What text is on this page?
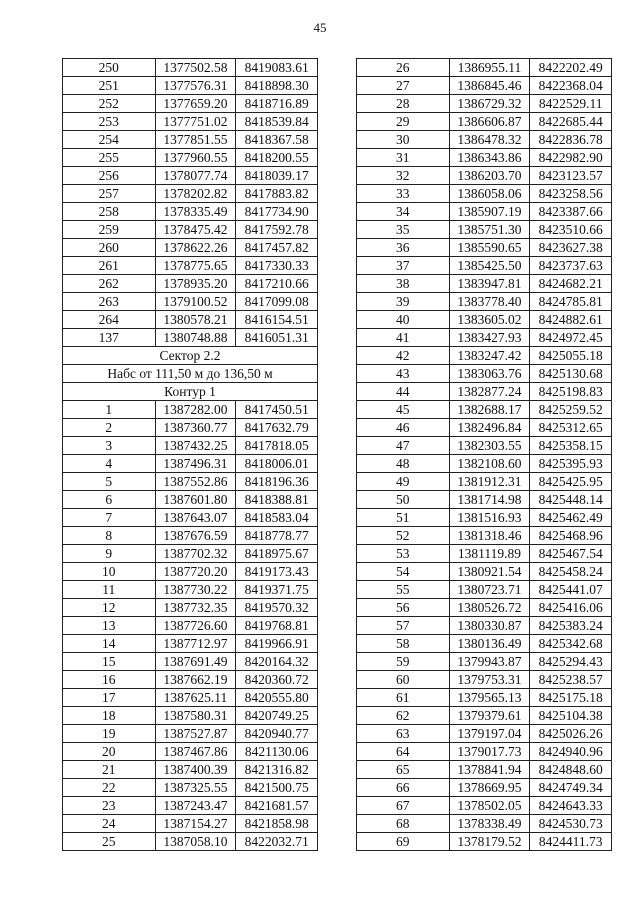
45
250	1377502.58	8419083.61
251	1377576.31	8418898.30
252	1377659.20	8418716.89
253	1377751.02	8418539.84
254	1377851.55	8418367.58
255	1377960.55	8418200.55
256	1378077.74	8418039.17
257	1378202.82	8417883.82
258	1378335.49	8417734.90
259	1378475.42	8417592.78
260	1378622.26	8417457.82
261	1378775.65	8417330.33
262	1378935.20	8417210.66
263	1379100.52	8417099.08
264	1380578.21	8416154.51
137	1380748.88	8416051.31
Сектор 2.2		
Набс от 111,50 м до 136,50 м		
Контур 1		
1	1387282.00	8417450.51
2	1387360.77	8417632.79
3	1387432.25	8417818.05
4	1387496.31	8418006.01
5	1387552.86	8418196.36
6	1387601.80	8418388.81
7	1387643.07	8418583.04
8	1387676.59	8418778.77
9	1387702.32	8418975.67
10	1387720.20	8419173.43
11	1387730.22	8419371.75
12	1387732.35	8419570.32
13	1387726.60	8419768.81
14	1387712.97	8419966.91
15	1387691.49	8420164.32
16	1387662.19	8420360.72
17	1387625.11	8420555.80
18	1387580.31	8420749.25
19	1387527.87	8420940.77
20	1387467.86	8421130.06
21	1387400.39	8421316.82
22	1387325.55	8421500.75
23	1387243.47	8421681.57
24	1387154.27	8421858.98
25	1387058.10	8422032.71
26	1386955.11	8422202.49
27	1386845.46	8422368.04
28	1386729.32	8422529.11
29	1386606.87	8422685.44
30	1386478.32	8422836.78
31	1386343.86	8422982.90
32	1386203.70	8423123.57
33	1386058.06	8423258.56
34	1385907.19	8423387.66
35	1385751.30	8423510.66
36	1385590.65	8423627.38
37	1385425.50	8423737.63
38	1383947.81	8424682.21
39	1383778.40	8424785.81
40	1383605.02	8424882.61
41	1383427.93	8424972.45
42	1383247.42	8425055.18
43	1383063.76	8425130.68
44	1382877.24	8425198.83
45	1382688.17	8425259.52
46	1382496.84	8425312.65
47	1382303.55	8425358.15
48	1382108.60	8425395.93
49	1381912.31	8425425.95
50	1381714.98	8425448.14
51	1381516.93	8425462.49
52	1381318.46	8425468.96
53	1381119.89	8425467.54
54	1380921.54	8425458.24
55	1380723.71	8425441.07
56	1380526.72	8425416.06
57	1380330.87	8425383.24
58	1380136.49	8425342.68
59	1379943.87	8425294.43
60	1379753.31	8425238.57
61	1379565.13	8425175.18
62	1379379.61	8425104.38
63	1379197.04	8425026.26
64	1379017.73	8424940.96
65	1378841.94	8424848.60
66	1378669.95	8424749.34
67	1378502.05	8424643.33
68	1378338.49	8424530.73
69	1378179.52	8424411.73
